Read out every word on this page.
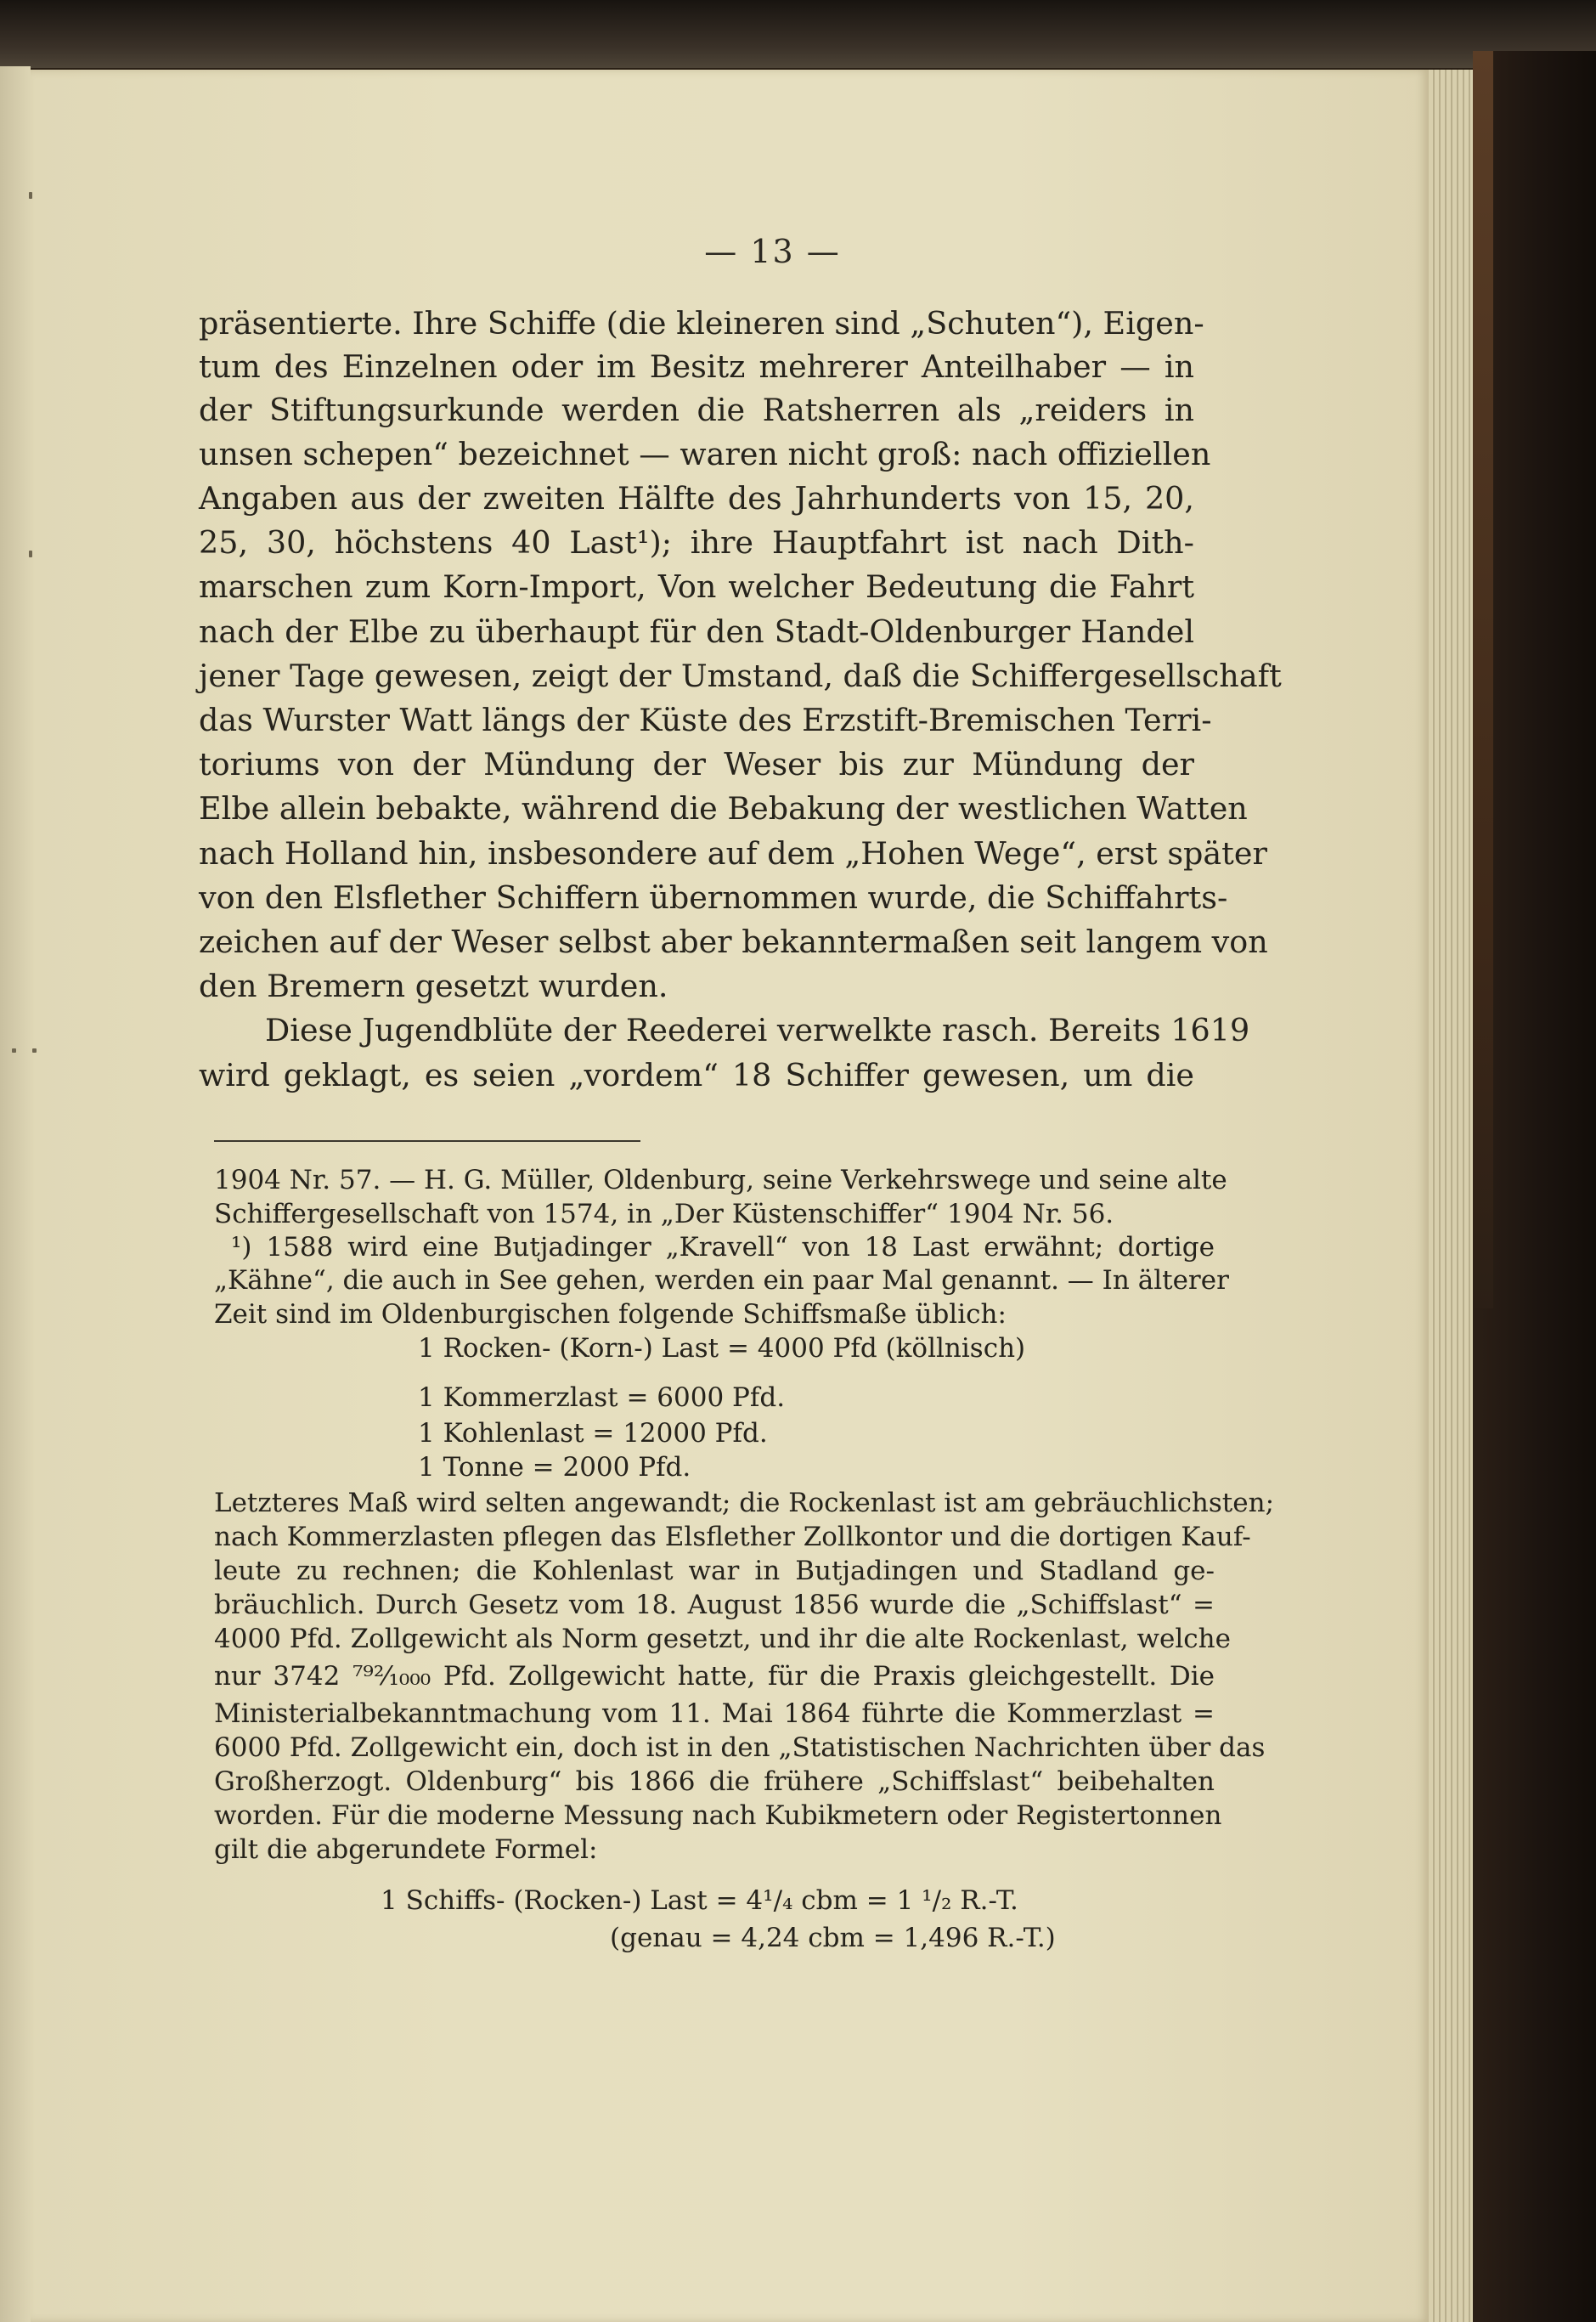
— 13 —
präsentierte. Ihre Schiffe (die kleineren sind „Schuten“), Eigen-
tum des Einzelnen oder im Besitz mehrerer Anteilhaber — in
der Stiftungsurkunde werden die Ratsherren als „reiders in
unsen schepen“ bezeichnet — waren nicht groß: nach offiziellen
Angaben aus der zweiten Hälfte des Jahrhunderts von 15, 20,
25, 30, höchstens 40 Last¹); ihre Hauptfahrt ist nach Dith-
marschen zum Korn-Import, Von welcher Bedeutung die Fahrt
nach der Elbe zu überhaupt für den Stadt-Oldenburger Handel
jener Tage gewesen, zeigt der Umstand, daß die Schiffergesellschaft
das Wurster Watt längs der Küste des Erzstift-Bremischen Terri-
toriums von der Mündung der Weser bis zur Mündung der
Elbe allein bebakte, während die Bebakung der westlichen Watten
nach Holland hin, insbesondere auf dem „Hohen Wege“, erst später
von den Elsflether Schiffern übernommen wurde, die Schiffahrts-
zeichen auf der Weser selbst aber bekanntermaßen seit langem von
den Bremern gesetzt wurden.
Diese Jugendblüte der Reederei verwelkte rasch. Bereits 1619
wird geklagt, es seien „vordem“ 18 Schiffer gewesen, um die
1904 Nr. 57. — H. G. Müller, Oldenburg, seine Verkehrswege und seine alte
Schiffergesellschaft von 1574, in „Der Küstenschiffer“ 1904 Nr. 56.
¹) 1588 wird eine Butjadinger „Kravell“ von 18 Last erwähnt; dortige
„Kähne“, die auch in See gehen, werden ein paar Mal genannt. — In älterer
Zeit sind im Oldenburgischen folgende Schiffsmaße üblich:
1 Rocken- (Korn-) Last = 4000 Pfd (köllnisch)
1 Kommerzlast = 6000 Pfd.
1 Kohlenlast = 12000 Pfd.
1 Tonne = 2000 Pfd.
Letzteres Maß wird selten angewandt; die Rockenlast ist am gebräuchlichsten;
nach Kommerzlasten pflegen das Elsflether Zollkontor und die dortigen Kauf-
leute zu rechnen; die Kohlenlast war in Butjadingen und Stadland ge-
bräuchlich. Durch Gesetz vom 18. August 1856 wurde die „Schiffslast“ =
4000 Pfd. Zollgewicht als Norm gesetzt, und ihr die alte Rockenlast, welche
nur 3742 ⁷⁹²⁄₁₀₀₀ Pfd. Zollgewicht hatte, für die Praxis gleichgestellt. Die
Ministerialbekanntmachung vom 11. Mai 1864 führte die Kommerzlast =
6000 Pfd. Zollgewicht ein, doch ist in den „Statistischen Nachrichten über das
Großherzogt. Oldenburg“ bis 1866 die frühere „Schiffslast“ beibehalten
worden. Für die moderne Messung nach Kubikmetern oder Registertonnen
gilt die abgerundete Formel:
1 Schiffs- (Rocken-) Last = 4¹/₄ cbm = 1 ¹/₂ R.-T.
(genau = 4,24 cbm = 1,496 R.-T.)
